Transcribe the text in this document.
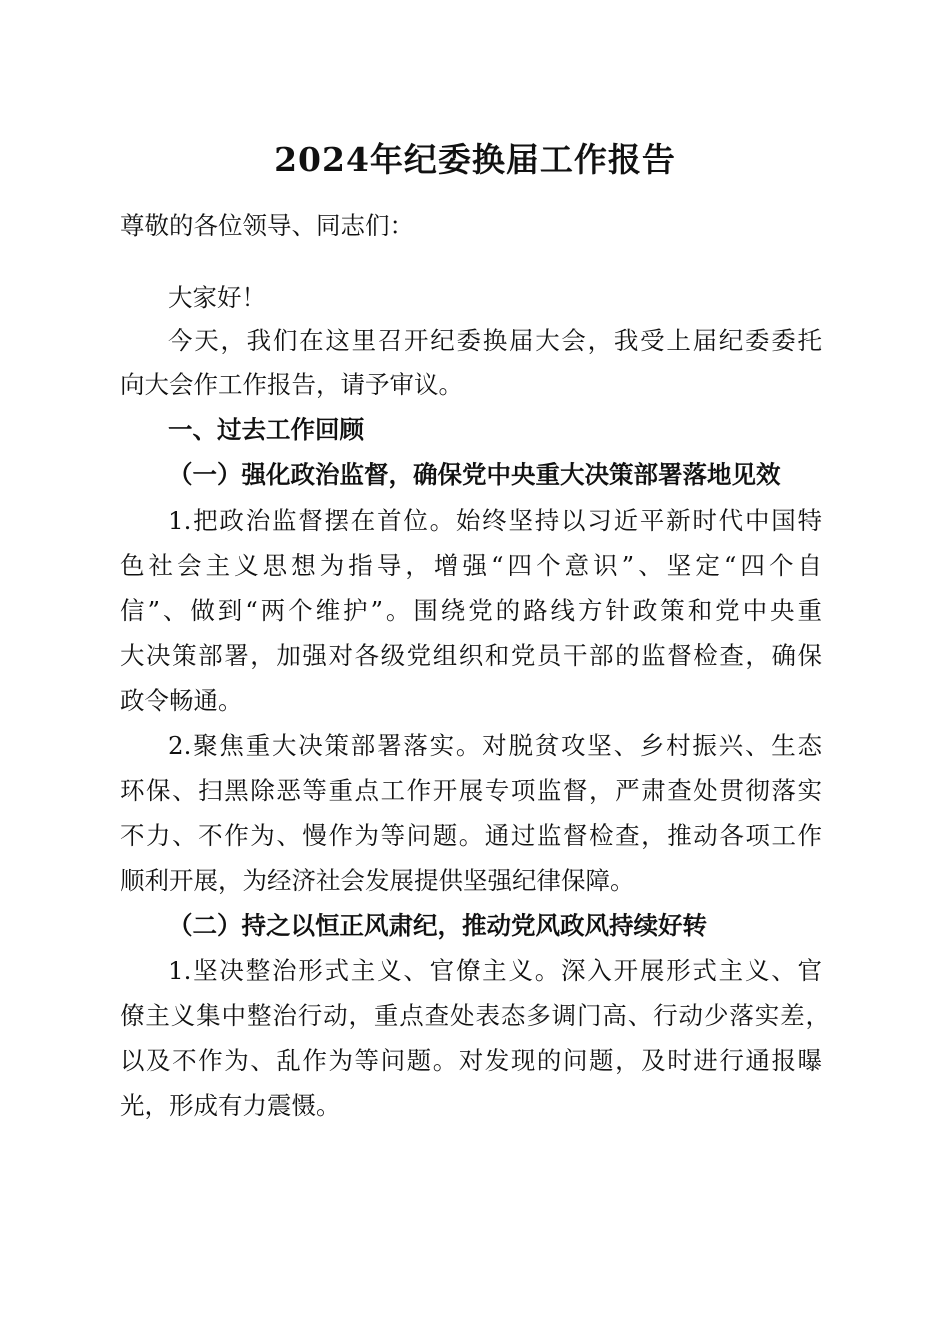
2024年纪委换届工作报告
尊敬的各位领导、同志们：
大家好！
今天，我们在这里召开纪委换届大会，我受上届纪委委托
向大会作工作报告，请予审议。
一、过去工作回顾
（一）强化政治监督，确保党中央重大决策部署落地见效
1.把政治监督摆在首位。始终坚持以习近平新时代中国特
色社会主义思想为指导，增强“四个意识”、坚定“四个自
信”、做到“两个维护”。围绕党的路线方针政策和党中央重
大决策部署，加强对各级党组织和党员干部的监督检查，确保
政令畅通。
2.聚焦重大决策部署落实。对脱贫攻坚、乡村振兴、生态
环保、扫黑除恶等重点工作开展专项监督，严肃查处贯彻落实
不力、不作为、慢作为等问题。通过监督检查，推动各项工作
顺利开展，为经济社会发展提供坚强纪律保障。
（二）持之以恒正风肃纪，推动党风政风持续好转
1.坚决整治形式主义、官僚主义。深入开展形式主义、官
僚主义集中整治行动，重点查处表态多调门高、行动少落实差，
以及不作为、乱作为等问题。对发现的问题，及时进行通报曝
光，形成有力震慑。
